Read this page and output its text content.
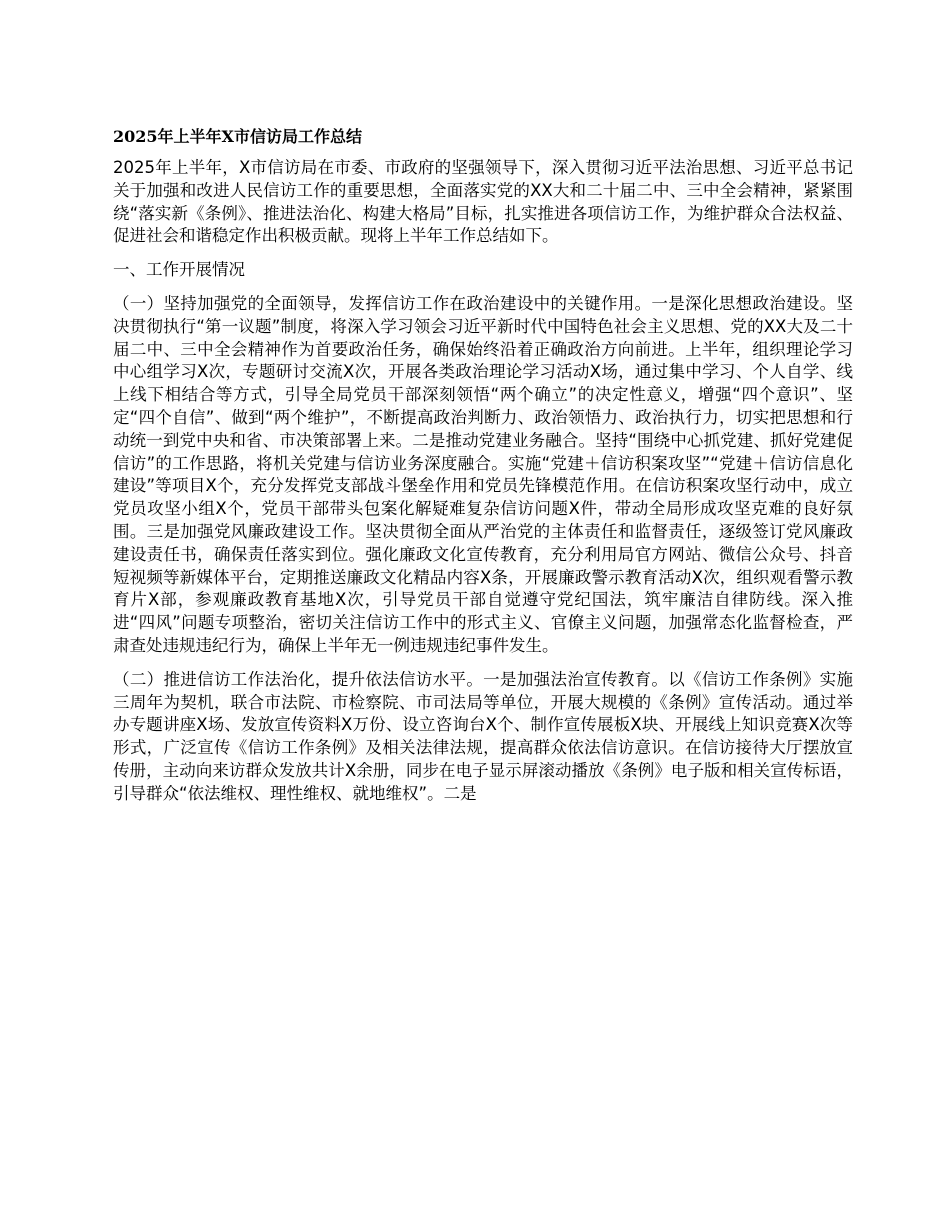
2025年上半年X市信访局工作总结

2025年上半年，X市信访局在市委、市政府的坚强领导下，深入贯彻习近平法治思想、习近平总书记关于加强和改进人民信访工作的重要思想，全面落实党的XX大和二十届二中、三中全会精神，紧紧围绕“落实新《条例》、推进法治化、构建大格局”目标，扎实推进各项信访工作，为维护群众合法权益、促进社会和谐稳定作出积极贡献。现将上半年工作总结如下。

一、工作开展情况

（一）坚持加强党的全面领导，发挥信访工作在政治建设中的关键作用。一是深化思想政治建设。坚决贯彻执行“第一议题”制度，将深入学习领会习近平新时代中国特色社会主义思想、党的XX大及二十届二中、三中全会精神作为首要政治任务，确保始终沿着正确政治方向前进。上半年，组织理论学习中心组学习X次，专题研讨交流X次，开展各类政治理论学习活动X场，通过集中学习、个人自学、线上线下相结合等方式，引导全局党员干部深刻领悟“两个确立”的决定性意义，增强“四个意识”、坚定“四个自信”、做到“两个维护”，不断提高政治判断力、政治领悟力、政治执行力，切实把思想和行动统一到党中央和省、市决策部署上来。二是推动党建业务融合。坚持“围绕中心抓党建、抓好党建促信访”的工作思路，将机关党建与信访业务深度融合。实施“党建＋信访积案攻坚”“党建＋信访信息化建设”等项目X个，充分发挥党支部战斗堡垒作用和党员先锋模范作用。在信访积案攻坚行动中，成立党员攻坚小组X个，党员干部带头包案化解疑难复杂信访问题X件，带动全局形成攻坚克难的良好氛围。三是加强党风廉政建设工作。坚决贯彻全面从严治党的主体责任和监督责任，逐级签订党风廉政建设责任书，确保责任落实到位。强化廉政文化宣传教育，充分利用局官方网站、微信公众号、抖音短视频等新媒体平台，定期推送廉政文化精品内容X条，开展廉政警示教育活动X次，组织观看警示教育片X部，参观廉政教育基地X次，引导党员干部自觉遵守党纪国法，筑牢廉洁自律防线。深入推进“四风”问题专项整治，密切关注信访工作中的形式主义、官僚主义问题，加强常态化监督检查，严肃查处违规违纪行为，确保上半年无一例违规违纪事件发生。

（二）推进信访工作法治化，提升依法信访水平。一是加强法治宣传教育。以《信访工作条例》实施三周年为契机，联合市法院、市检察院、市司法局等单位，开展大规模的《条例》宣传活动。通过举办专题讲座X场、发放宣传资料X万份、设立咨询台X个、制作宣传展板X块、开展线上知识竞赛X次等形式，广泛宣传《信访工作条例》及相关法律法规，提高群众依法信访意识。在信访接待大厅摆放宣传册，主动向来访群众发放共计X余册，同步在电子显示屏滚动播放《条例》电子版和相关宣传标语，引导群众“依法维权、理性维权、就地维权”。二是
